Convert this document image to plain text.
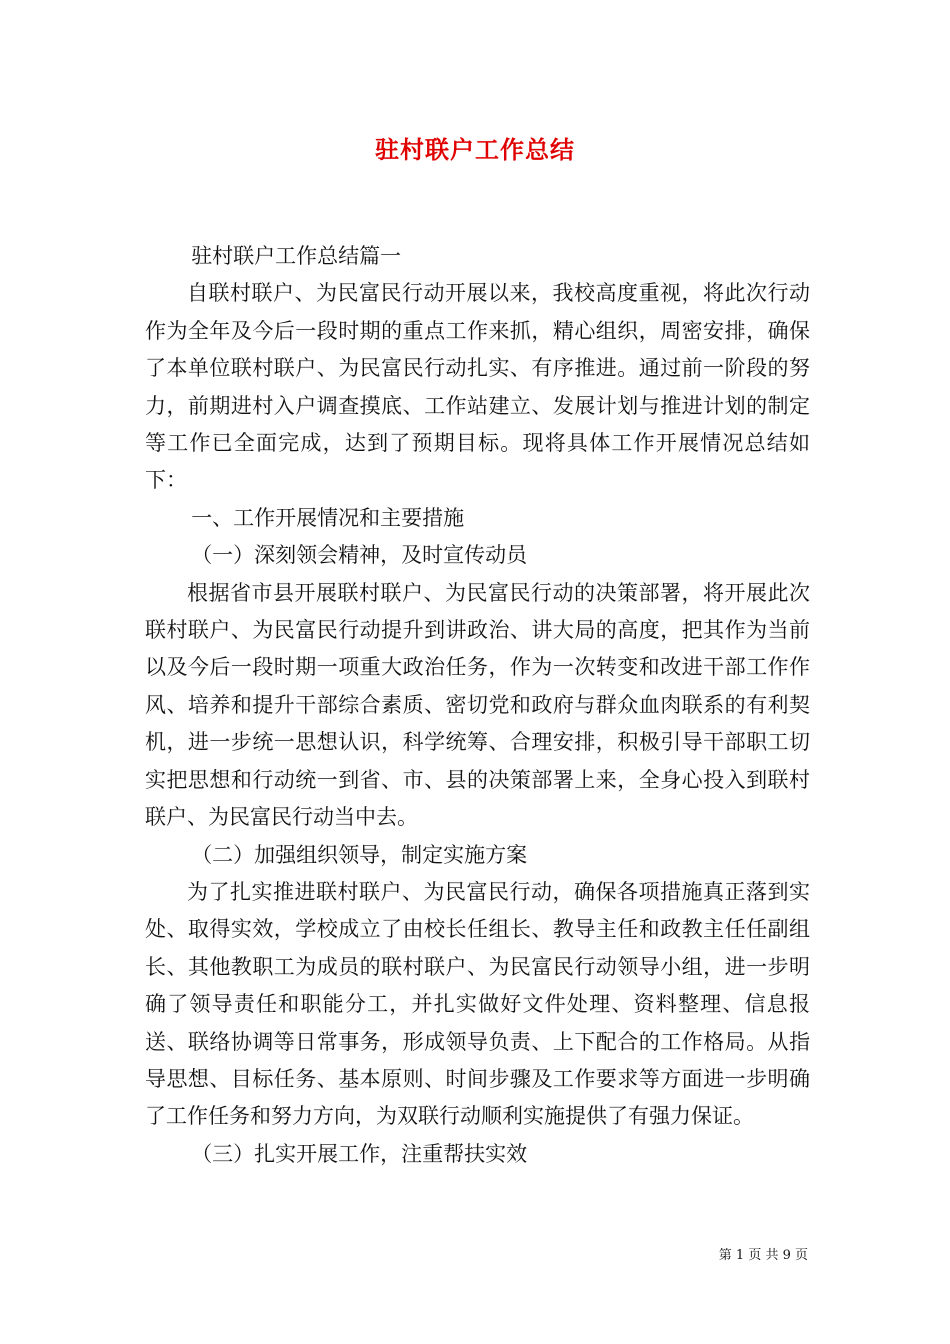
驻村联户工作总结

驻村联户工作总结篇一

自联村联户、为民富民行动开展以来，我校高度重视，将此次行动作为全年及今后一段时期的重点工作来抓，精心组织，周密安排，确保了本单位联村联户、为民富民行动扎实、有序推进。通过前一阶段的努力，前期进村入户调查摸底、工作站建立、发展计划与推进计划的制定等工作已全面完成，达到了预期目标。现将具体工作开展情况总结如下：

一、工作开展情况和主要措施

（一）深刻领会精神，及时宣传动员

根据省市县开展联村联户、为民富民行动的决策部署，将开展此次联村联户、为民富民行动提升到讲政治、讲大局的高度，把其作为当前以及今后一段时期一项重大政治任务，作为一次转变和改进干部工作作风、培养和提升干部综合素质、密切党和政府与群众血肉联系的有利契机，进一步统一思想认识，科学统筹、合理安排，积极引导干部职工切实把思想和行动统一到省、市、县的决策部署上来，全身心投入到联村联户、为民富民行动当中去。

（二）加强组织领导，制定实施方案

为了扎实推进联村联户、为民富民行动，确保各项措施真正落到实处、取得实效，学校成立了由校长任组长、教导主任和政教主任任副组长、其他教职工为成员的联村联户、为民富民行动领导小组，进一步明确了领导责任和职能分工，并扎实做好文件处理、资料整理、信息报送、联络协调等日常事务，形成领导负责、上下配合的工作格局。从指导思想、目标任务、基本原则、时间步骤及工作要求等方面进一步明确了工作任务和努力方向，为双联行动顺利实施提供了有强力保证。

（三）扎实开展工作，注重帮扶实效

第 1 页 共 9 页
